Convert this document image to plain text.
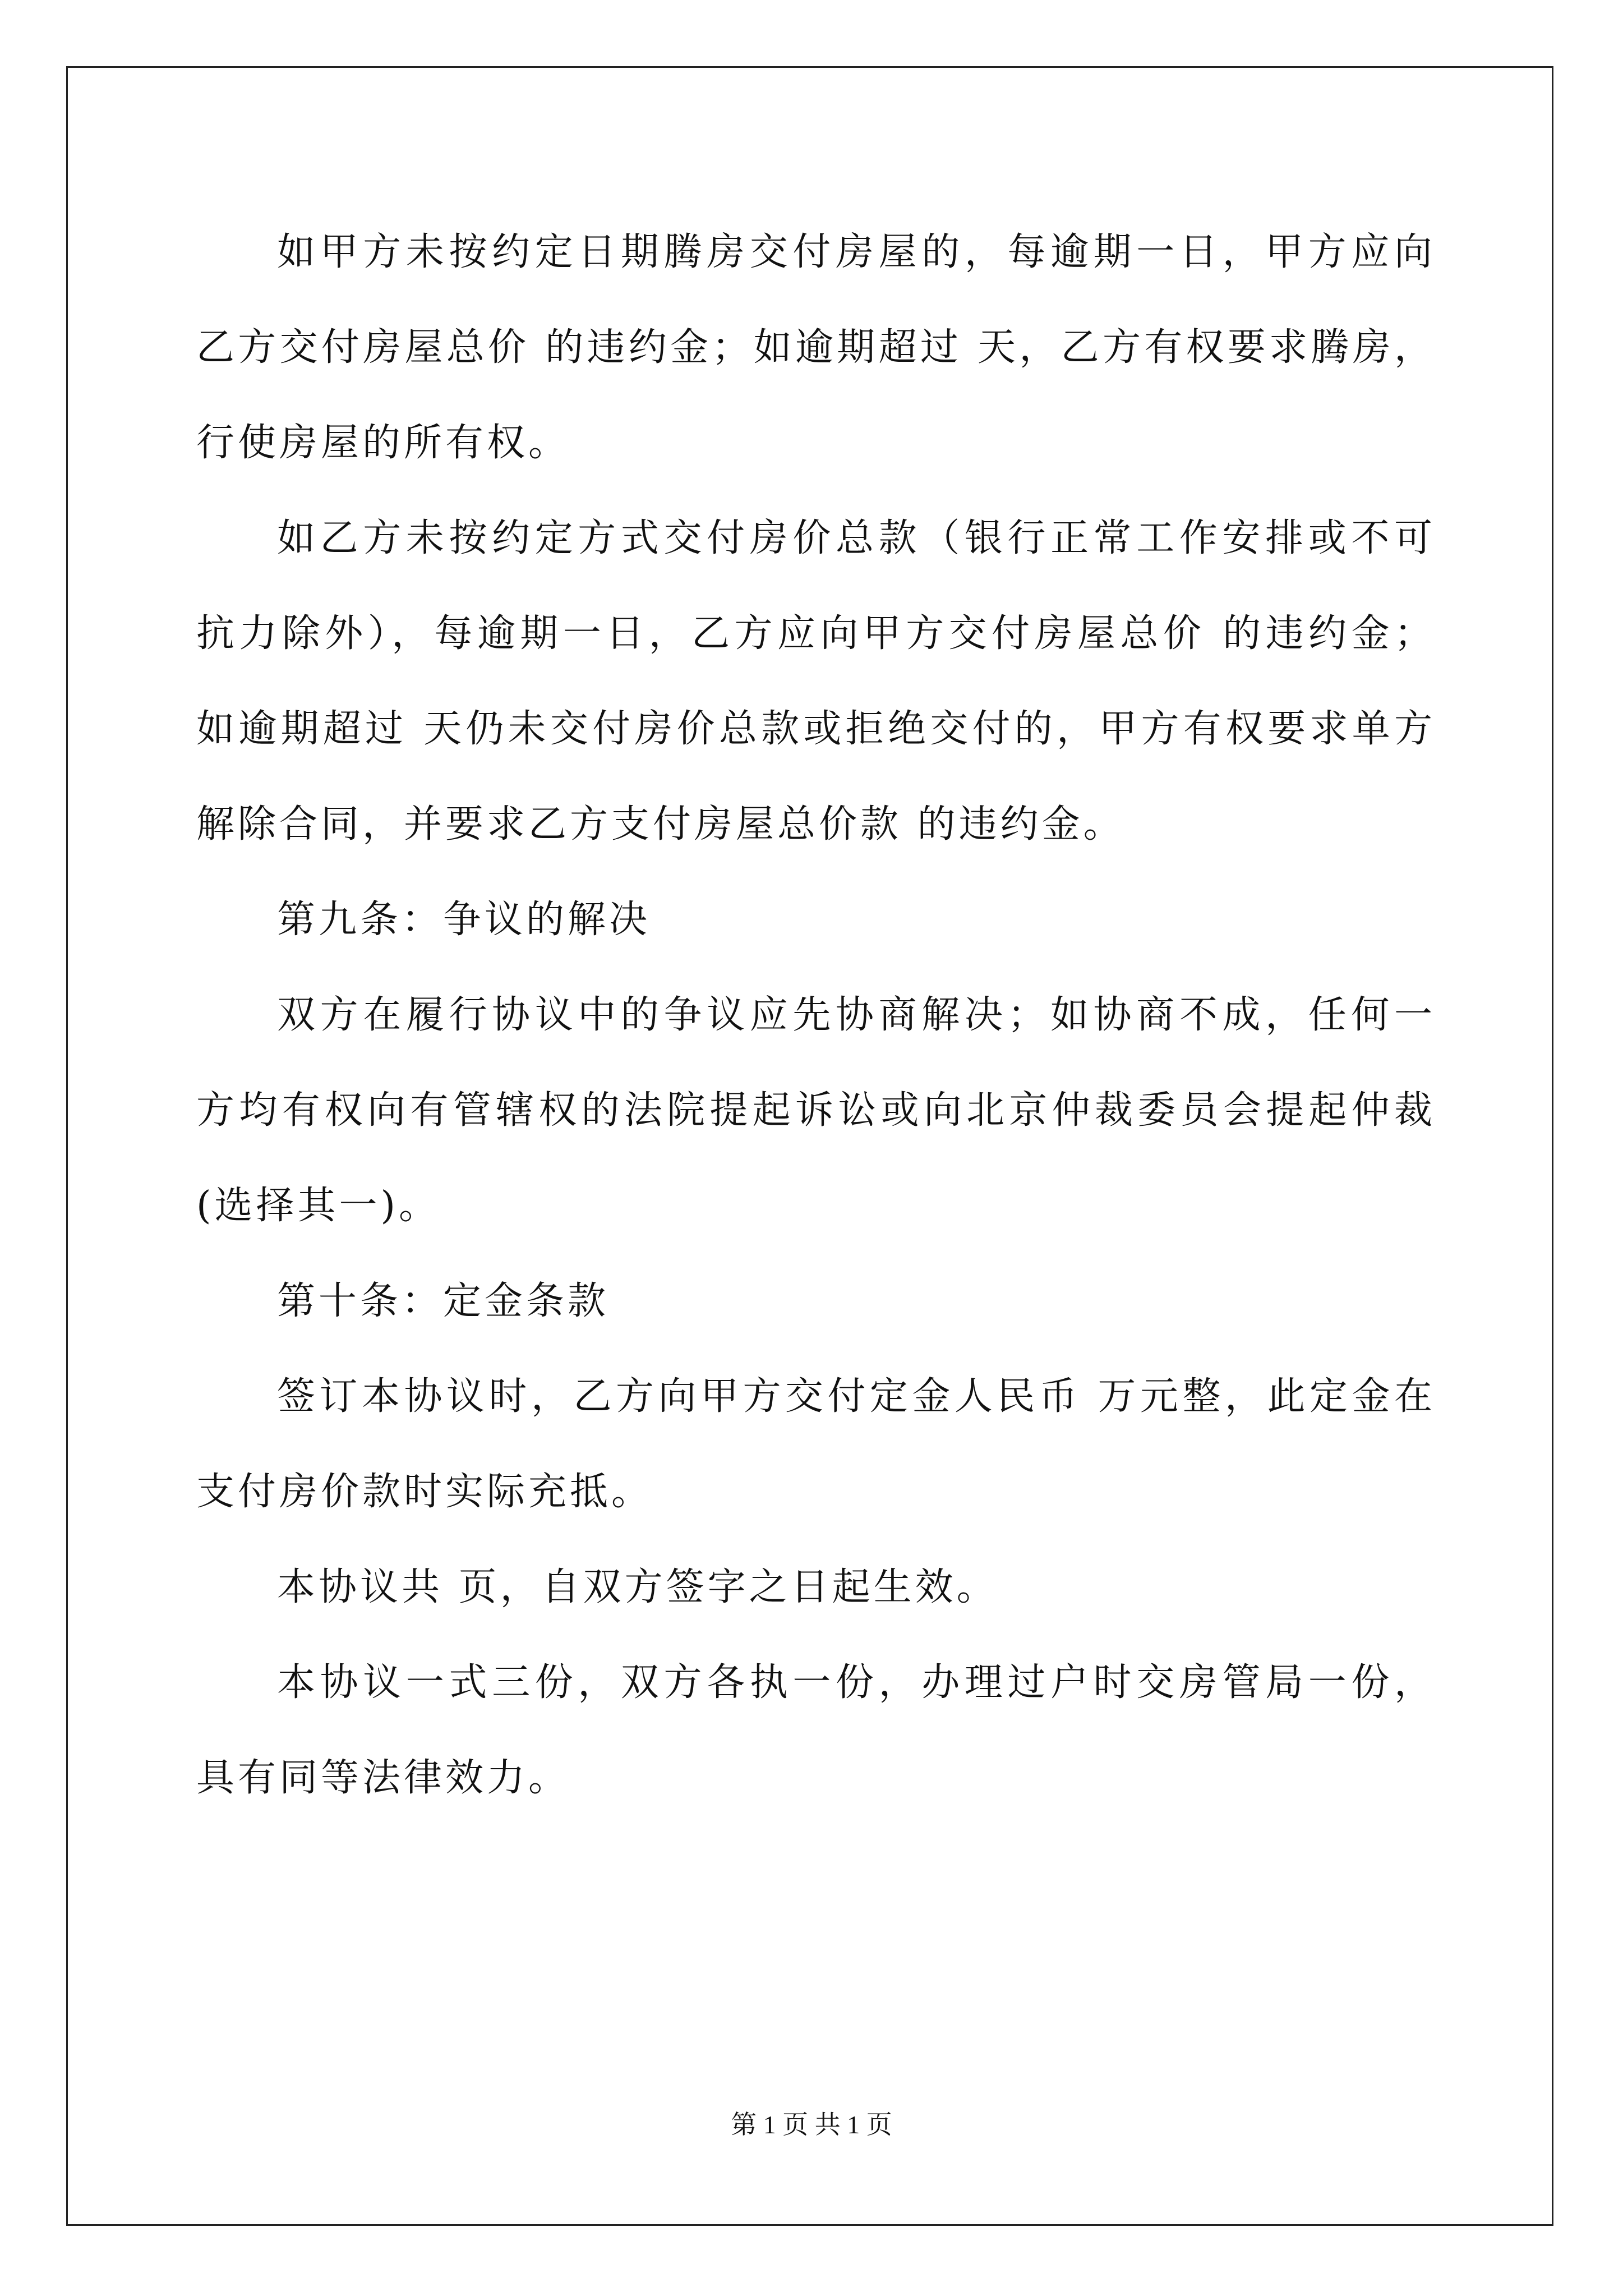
如甲方未按约定日期腾房交付房屋的，每逾期一日，甲方应向乙方交付房屋总价 的违约金；如逾期超过 天，乙方有权要求腾房，行使房屋的所有权。

如乙方未按约定方式交付房价总款（银行正常工作安排或不可抗力除外），每逾期一日，乙方应向甲方交付房屋总价 的违约金；如逾期超过 天仍未交付房价总款或拒绝交付的，甲方有权要求单方解除合同，并要求乙方支付房屋总价款 的违约金。

第九条：争议的解决

双方在履行协议中的争议应先协商解决；如协商不成，任何一方均有权向有管辖权的法院提起诉讼或向北京仲裁委员会提起仲裁(选择其一)。

第十条：定金条款

签订本协议时，乙方向甲方交付定金人民币 万元整，此定金在支付房价款时实际充抵。

本协议共 页，自双方签字之日起生效。

本协议一式三份，双方各执一份，办理过户时交房管局一份，具有同等法律效力。

第 1 页 共 1 页
